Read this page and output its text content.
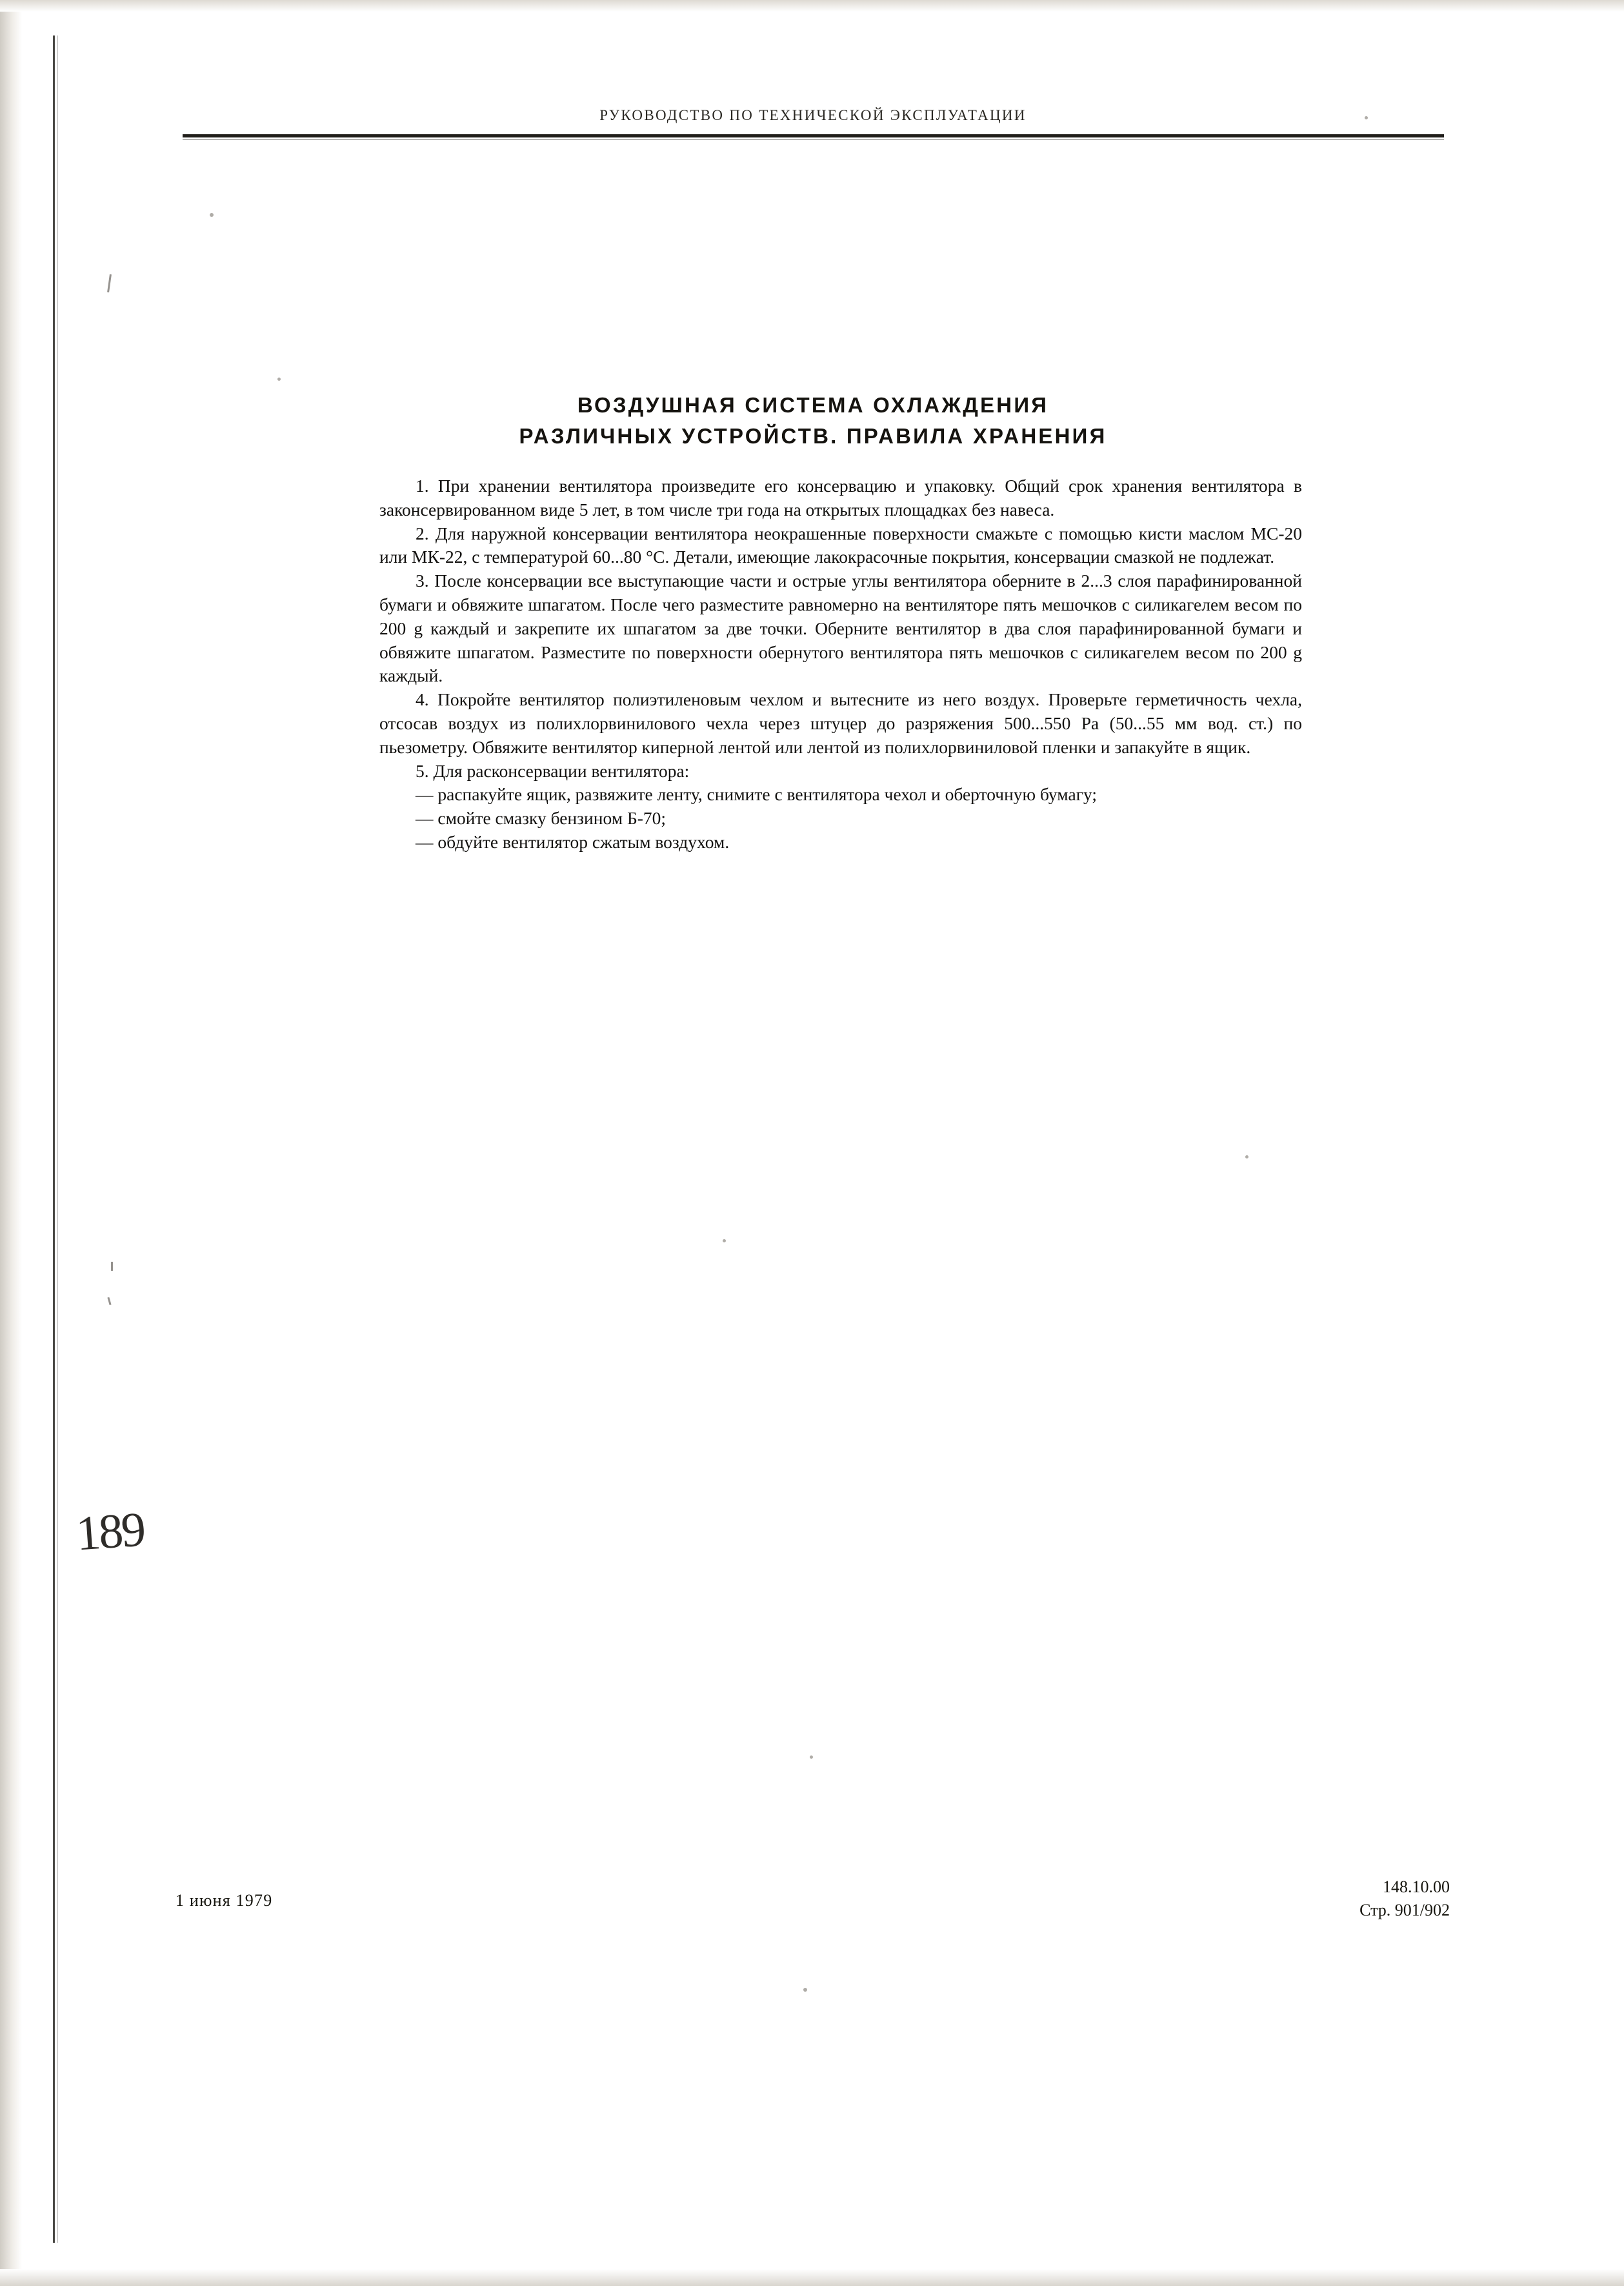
РУКОВОДСТВО ПО ТЕХНИЧЕСКОЙ ЭКСПЛУАТАЦИИ
ВОЗДУШНАЯ СИСТЕМА ОХЛАЖДЕНИЯ
РАЗЛИЧНЫХ УСТРОЙСТВ. ПРАВИЛА ХРАНЕНИЯ

1. При хранении вентилятора произведите его консервацию и упаковку. Общий срок хранения вентилятора в законсервированном виде 5 лет, в том числе три года на открытых площадках без навеса.

2. Для наружной консервации вентилятора неокрашенные поверхности смажьте с помощью кисти маслом МС-20 или МК-22, с температурой 60...80 °C. Детали, имеющие лакокрасочные покрытия, консервации смазкой не подлежат.

3. После консервации все выступающие части и острые углы вентилятора оберните в 2...3 слоя парафинированной бумаги и обвяжите шпагатом. После чего разместите равномерно на вентиляторе пять мешочков с силикагелем весом по 200 g каждый и закрепите их шпагатом за две точки. Оберните вентилятор в два слоя парафинированной бумаги и обвяжите шпагатом. Разместите по поверхности обернутого вентилятора пять мешочков с силикагелем весом по 200 g каждый.

4. Покройте вентилятор полиэтиленовым чехлом и вытесните из него воздух. Проверьте герметичность чехла, отсосав воздух из полихлорвинилового чехла через штуцер до разряжения 500...550 Pa (50...55 мм вод. ст.) по пьезометру. Обвяжите вентилятор киперной лентой или лентой из полихлорвиниловой пленки и запакуйте в ящик.

5. Для расконсервации вентилятора:

— распакуйте ящик, развяжите ленту, снимите с вентилятора чехол и оберточную бумагу;

— смойте смазку бензином Б-70;

— обдуйте вентилятор сжатым воздухом.

189
1 июня 1979
148.10.00
Стр. 901/902
